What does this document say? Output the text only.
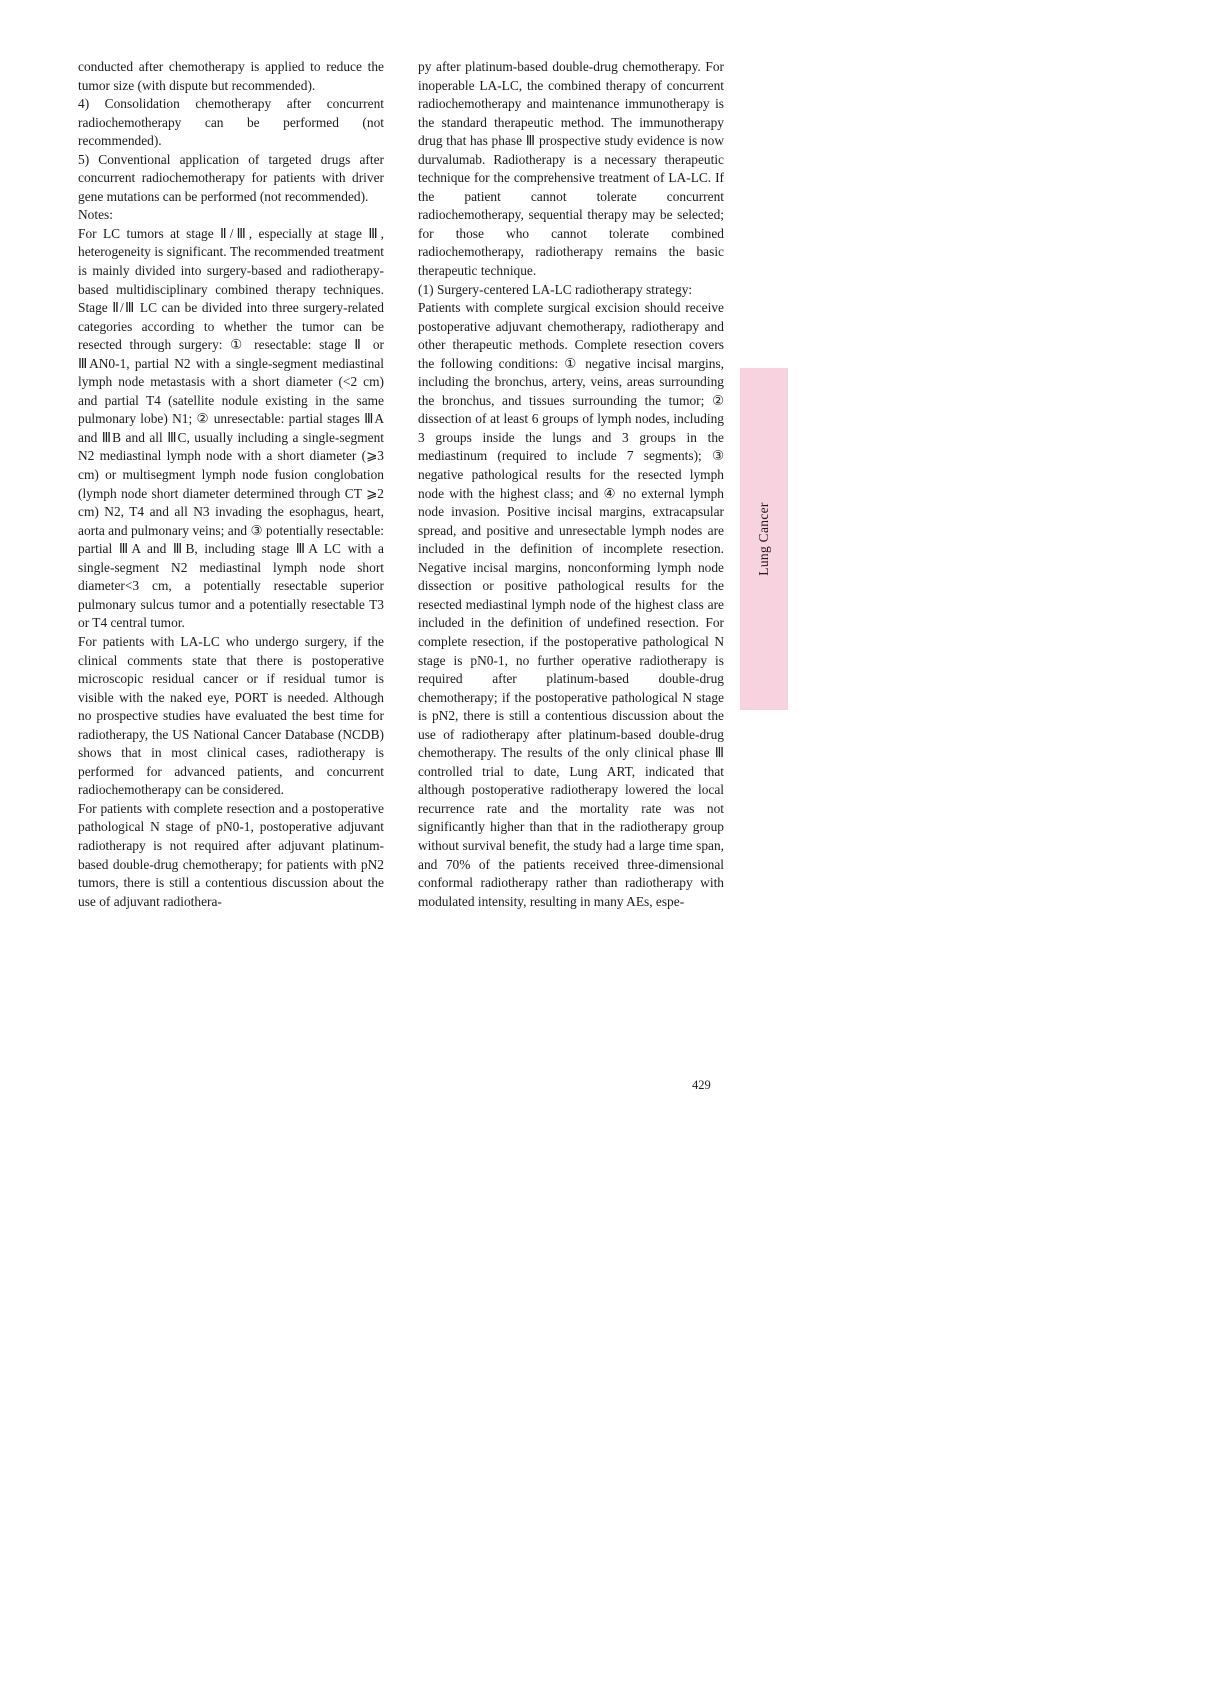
conducted after chemotherapy is applied to reduce the tumor size (with dispute but recommended).

4) Consolidation chemotherapy after concurrent radiochemotherapy can be performed (not recommended).

5) Conventional application of targeted drugs after concurrent radiochemotherapy for patients with driver gene mutations can be performed (not recommended).

Notes:

For LC tumors at stage Ⅱ/Ⅲ, especially at stage Ⅲ, heterogeneity is significant. The recommended treatment is mainly divided into surgery-based and radiotherapy-based multidisciplinary combined therapy techniques. Stage Ⅱ/Ⅲ LC can be divided into three surgery-related categories according to whether the tumor can be resected through surgery: ① resectable: stage Ⅱ or ⅢAN0-1, partial N2 with a single-segment mediastinal lymph node metastasis with a short diameter (<2 cm) and partial T4 (satellite nodule existing in the same pulmonary lobe) N1; ② unresectable: partial stages ⅢA and ⅢB and all ⅢC, usually including a single-segment N2 mediastinal lymph node with a short diameter (⩾3 cm) or multisegment lymph node fusion conglobation (lymph node short diameter determined through CT ⩾2 cm) N2, T4 and all N3 invading the esophagus, heart, aorta and pulmonary veins; and ③ potentially resectable: partial ⅢA and ⅢB, including stage ⅢA LC with a single-segment N2 mediastinal lymph node short diameter<3 cm, a potentially resectable superior pulmonary sulcus tumor and a potentially resectable T3 or T4 central tumor.

For patients with LA-LC who undergo surgery, if the clinical comments state that there is postoperative microscopic residual cancer or if residual tumor is visible with the naked eye, PORT is needed. Although no prospective studies have evaluated the best time for radiotherapy, the US National Cancer Database (NCDB) shows that in most clinical cases, radiotherapy is performed for advanced patients, and concurrent radiochemotherapy can be considered.

For patients with complete resection and a postoperative pathological N stage of pN0-1, postoperative adjuvant radiotherapy is not required after adjuvant platinum-based double-drug chemotherapy; for patients with pN2 tumors, there is still a contentious discussion about the use of adjuvant radiothera-

py after platinum-based double-drug chemotherapy. For inoperable LA-LC, the combined therapy of concurrent radiochemotherapy and maintenance immunotherapy is the standard therapeutic method. The immunotherapy drug that has phase Ⅲ prospective study evidence is now durvalumab. Radiotherapy is a necessary therapeutic technique for the comprehensive treatment of LA-LC. If the patient cannot tolerate concurrent radiochemotherapy, sequential therapy may be selected; for those who cannot tolerate combined radiochemotherapy, radiotherapy remains the basic therapeutic technique.

(1) Surgery-centered LA-LC radiotherapy strategy:

Patients with complete surgical excision should receive postoperative adjuvant chemotherapy, radiotherapy and other therapeutic methods. Complete resection covers the following conditions: ① negative incisal margins, including the bronchus, artery, veins, areas surrounding the bronchus, and tissues surrounding the tumor; ② dissection of at least 6 groups of lymph nodes, including 3 groups inside the lungs and 3 groups in the mediastinum (required to include 7 segments); ③ negative pathological results for the resected lymph node with the highest class; and ④ no external lymph node invasion. Positive incisal margins, extracapsular spread, and positive and unresectable lymph nodes are included in the definition of incomplete resection. Negative incisal margins, nonconforming lymph node dissection or positive pathological results for the resected mediastinal lymph node of the highest class are included in the definition of undefined resection. For complete resection, if the postoperative pathological N stage is pN0-1, no further operative radiotherapy is required after platinum-based double-drug chemotherapy; if the postoperative pathological N stage is pN2, there is still a contentious discussion about the use of radiotherapy after platinum-based double-drug chemotherapy. The results of the only clinical phase Ⅲ controlled trial to date, Lung ART, indicated that although postoperative radiotherapy lowered the local recurrence rate and the mortality rate was not significantly higher than that in the radiotherapy group without survival benefit, the study had a large time span, and 70% of the patients received three-dimensional conformal radiotherapy rather than radiotherapy with modulated intensity, resulting in many AEs, espe-

Lung Cancer
429
